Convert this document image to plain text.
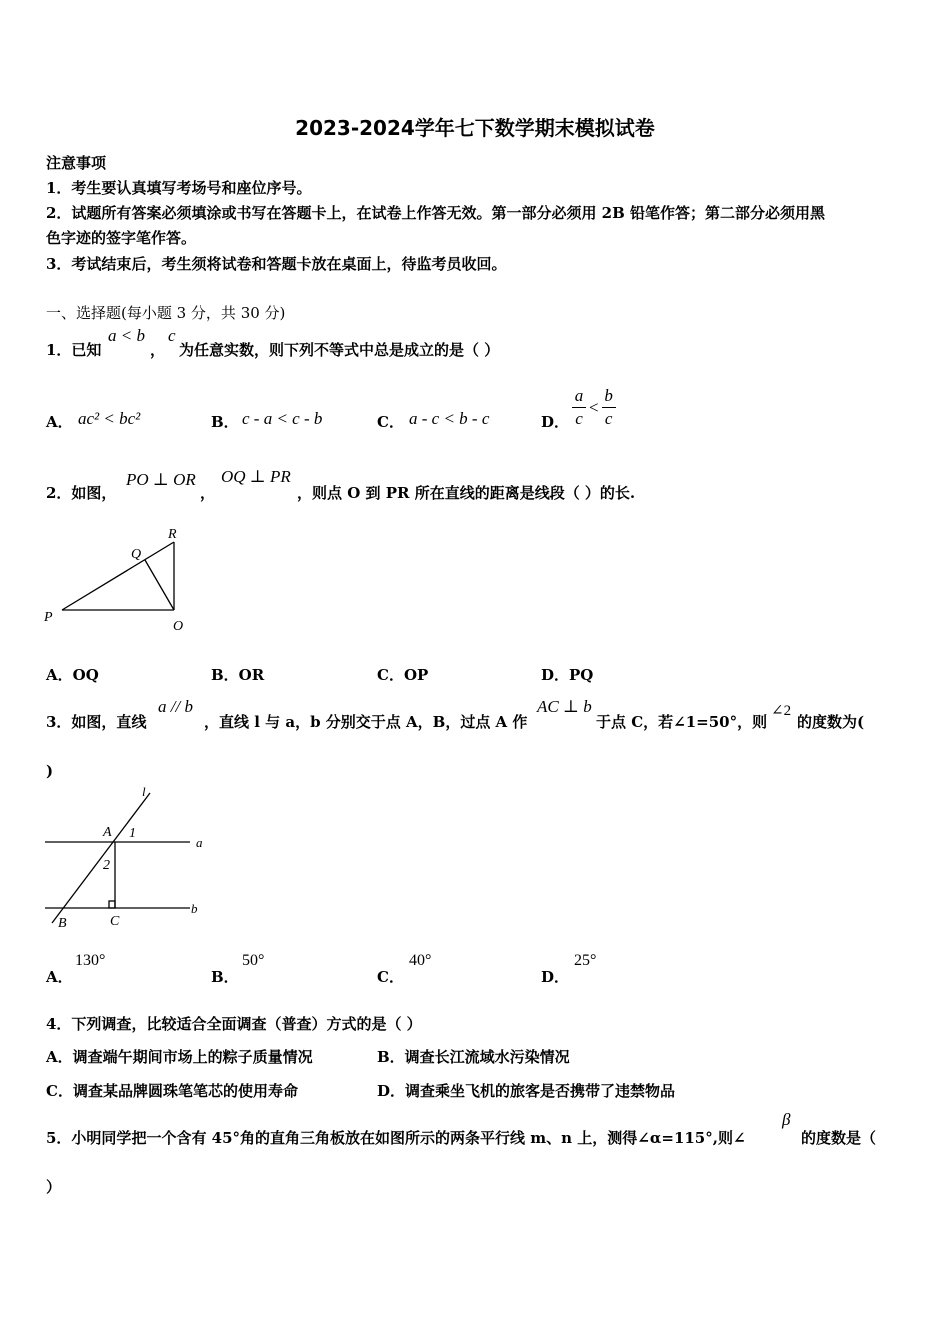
2023-2024学年七下数学期末模拟试卷
注意事项
1．考生要认真填写考场号和座位序号。
2．试题所有答案必须填涂或书写在答题卡上，在试卷上作答无效。第一部分必须用 2B 铅笔作答；第二部分必须用黑
色字迹的签字笔作答。
3．考试结束后，考生须将试卷和答题卡放在桌面上，待监考员收回。
一、选择题(每小题 3 分，共 30 分)
1．已知
a < b
，
c
为任意实数，则下列不等式中总是成立的是（ ）
A． ac² < bc²	B． c - a < c - b	C． a - c < b - c	D． $\frac{a}{c} < \frac{b}{c}$
2．如图，
PO ⊥ OR
，
OQ ⊥ PR
，则点 O 到 PR 所在直线的距离是线段（ ）的长.
P
Q
R
O
A．OQ	B．OR	C．OP	D．PQ
3．如图，直线
a // b
，直线 l 与 a，b 分别交于点 A，B，过点 A 作
AC ⊥ b
于点 C，若∠1=50°，则
∠2
的度数为(
)
l
A 1
a
2
B	C
b
A．
130°
B．
50°
C．
40°
D．
25°
4．下列调查，比较适合全面调查（普查）方式的是（ ）
A．调查端午期间市场上的粽子质量情况	B．调查长江流域水污染情况
C．调查某品牌圆珠笔笔芯的使用寿命	D．调查乘坐飞机的旅客是否携带了违禁物品
5．小明同学把一个含有 45°角的直角三角板放在如图所示的两条平行线 m、n 上，测得∠α=115°,则∠
β
的度数是（
）
